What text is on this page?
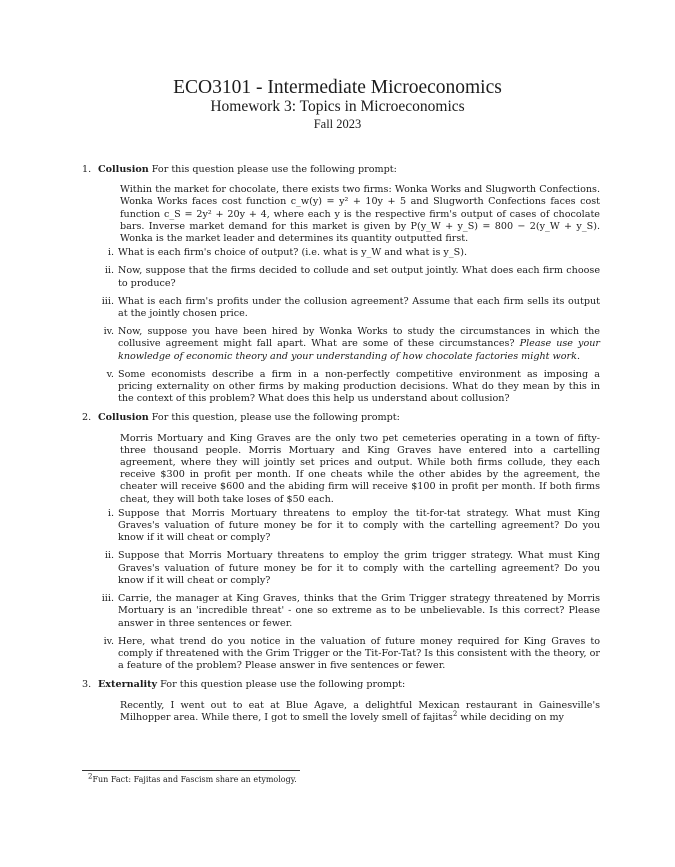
ECO3101 - Intermediate Microeconomics
Homework 3: Topics in Microeconomics
Fall 2023
1. Collusion For this question please use the following prompt:
Within the market for chocolate, there exists two firms: Wonka Works and Slugworth Confections. Wonka Works faces cost function c_w(y) = y² + 10y + 5 and Slugworth Confections faces cost function c_S = 2y² + 20y + 4, where each y is the respective firm's output of cases of chocolate bars. Inverse market demand for this market is given by P(y_W + y_S) = 800 − 2(y_W + y_S). Wonka is the market leader and determines its quantity outputted first.
i. What is each firm's choice of output? (i.e. what is y_W and what is y_S).
ii. Now, suppose that the firms decided to collude and set output jointly. What does each firm choose to produce?
iii. What is each firm's profits under the collusion agreement? Assume that each firm sells its output at the jointly chosen price.
iv. Now, suppose you have been hired by Wonka Works to study the circumstances in which the collusive agreement might fall apart. What are some of these circumstances? Please use your knowledge of economic theory and your understanding of how chocolate factories might work.
v. Some economists describe a firm in a non-perfectly competitive environment as imposing a pricing externality on other firms by making production decisions. What do they mean by this in the context of this problem? What does this help us understand about collusion?
2. Collusion For this question, please use the following prompt:
Morris Mortuary and King Graves are the only two pet cemeteries operating in a town of fifty-three thousand people. Morris Mortuary and King Graves have entered into a cartelling agreement, where they will jointly set prices and output. While both firms collude, they each receive $300 in profit per month. If one cheats while the other abides by the agreement, the cheater will receive $600 and the abiding firm will receive $100 in profit per month. If both firms cheat, they will both take loses of $50 each.
i. Suppose that Morris Mortuary threatens to employ the tit-for-tat strategy. What must King Graves's valuation of future money be for it to comply with the cartelling agreement? Do you know if it will cheat or comply?
ii. Suppose that Morris Mortuary threatens to employ the grim trigger strategy. What must King Graves's valuation of future money be for it to comply with the cartelling agreement? Do you know if it will cheat or comply?
iii. Carrie, the manager at King Graves, thinks that the Grim Trigger strategy threatened by Morris Mortuary is an 'incredible threat' - one so extreme as to be unbelievable. Is this correct? Please answer in three sentences or fewer.
iv. Here, what trend do you notice in the valuation of future money required for King Graves to comply if threatened with the Grim Trigger or the Tit-For-Tat? Is this consistent with the theory, or a feature of the problem? Please answer in five sentences or fewer.
3. Externality For this question please use the following prompt:
Recently, I went out to eat at Blue Agave, a delightful Mexican restaurant in Gainesville's Milhopper area. While there, I got to smell the lovely smell of fajitas$^2$ while deciding on my
$^2$Fun Fact: Fajitas and Fascism share an etymology.
